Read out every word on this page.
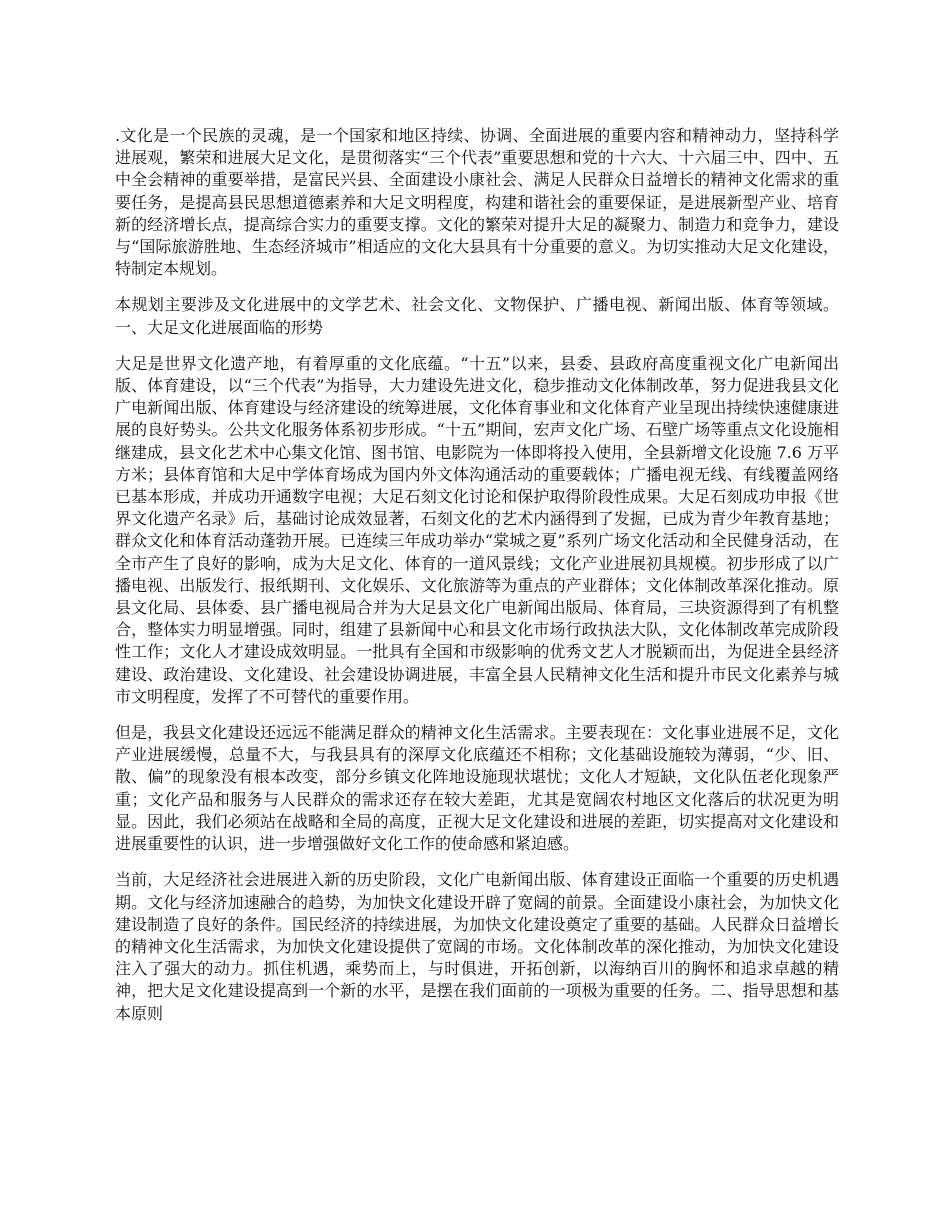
.文化是一个民族的灵魂，是一个国家和地区持续、协调、全面进展的重要内容和精神动力，坚持科学进展观，繁荣和进展大足文化，是贯彻落实“三个代表”重要思想和党的十六大、十六届三中、四中、五中全会精神的重要举措，是富民兴县、全面建设小康社会、满足人民群众日益增长的精神文化需求的重要任务，是提高县民思想道德素养和大足文明程度，构建和谐社会的重要保证，是进展新型产业、培育新的经济增长点，提高综合实力的重要支撑。文化的繁荣对提升大足的凝聚力、制造力和竞争力，建设与“国际旅游胜地、生态经济城市”相适应的文化大县具有十分重要的意义。为切实推动大足文化建设，特制定本规划。

本规划主要涉及文化进展中的文学艺术、社会文化、文物保护、广播电视、新闻出版、体育等领域。一、大足文化进展面临的形势

大足是世界文化遗产地，有着厚重的文化底蕴。“十五”以来，县委、县政府高度重视文化广电新闻出版、体育建设，以“三个代表”为指导，大力建设先进文化，稳步推动文化体制改革，努力促进我县文化广电新闻出版、体育建设与经济建设的统筹进展，文化体育事业和文化体育产业呈现出持续快速健康进展的良好势头。公共文化服务体系初步形成。“十五”期间，宏声文化广场、石壁广场等重点文化设施相继建成，县文化艺术中心集文化馆、图书馆、电影院为一体即将投入使用，全县新增文化设施 7.6 万平方米；县体育馆和大足中学体育场成为国内外文体沟通活动的重要载体；广播电视无线、有线覆盖网络已基本形成，并成功开通数字电视；大足石刻文化讨论和保护取得阶段性成果。大足石刻成功申报《世界文化遗产名录》后，基础讨论成效显著，石刻文化的艺术内涵得到了发掘，已成为青少年教育基地；群众文化和体育活动蓬勃开展。已连续三年成功举办“棠城之夏”系列广场文化活动和全民健身活动，在全市产生了良好的影响，成为大足文化、体育的一道风景线；文化产业进展初具规模。初步形成了以广播电视、出版发行、报纸期刊、文化娱乐、文化旅游等为重点的产业群体；文化体制改革深化推动。原县文化局、县体委、县广播电视局合并为大足县文化广电新闻出版局、体育局，三块资源得到了有机整合，整体实力明显增强。同时，组建了县新闻中心和县文化市场行政执法大队，文化体制改革完成阶段性工作；文化人才建设成效明显。一批具有全国和市级影响的优秀文艺人才脱颖而出，为促进全县经济建设、政治建设、文化建设、社会建设协调进展，丰富全县人民精神文化生活和提升市民文化素养与城市文明程度，发挥了不可替代的重要作用。

但是，我县文化建设还远远不能满足群众的精神文化生活需求。主要表现在：文化事业进展不足，文化产业进展缓慢，总量不大，与我县具有的深厚文化底蕴还不相称；文化基础设施较为薄弱，“少、旧、散、偏”的现象没有根本改变，部分乡镇文化阵地设施现状堪忧；文化人才短缺，文化队伍老化现象严重；文化产品和服务与人民群众的需求还存在较大差距，尤其是宽阔农村地区文化落后的状况更为明显。因此，我们必须站在战略和全局的高度，正视大足文化建设和进展的差距，切实提高对文化建设和进展重要性的认识，进一步增强做好文化工作的使命感和紧迫感。

当前，大足经济社会进展进入新的历史阶段，文化广电新闻出版、体育建设正面临一个重要的历史机遇期。文化与经济加速融合的趋势，为加快文化建设开辟了宽阔的前景。全面建设小康社会，为加快文化建设制造了良好的条件。国民经济的持续进展，为加快文化建设奠定了重要的基础。人民群众日益增长的精神文化生活需求，为加快文化建设提供了宽阔的市场。文化体制改革的深化推动，为加快文化建设注入了强大的动力。抓住机遇，乘势而上，与时俱进，开拓创新，以海纳百川的胸怀和追求卓越的精神，把大足文化建设提高到一个新的水平，是摆在我们面前的一项极为重要的任务。二、指导思想和基本原则
